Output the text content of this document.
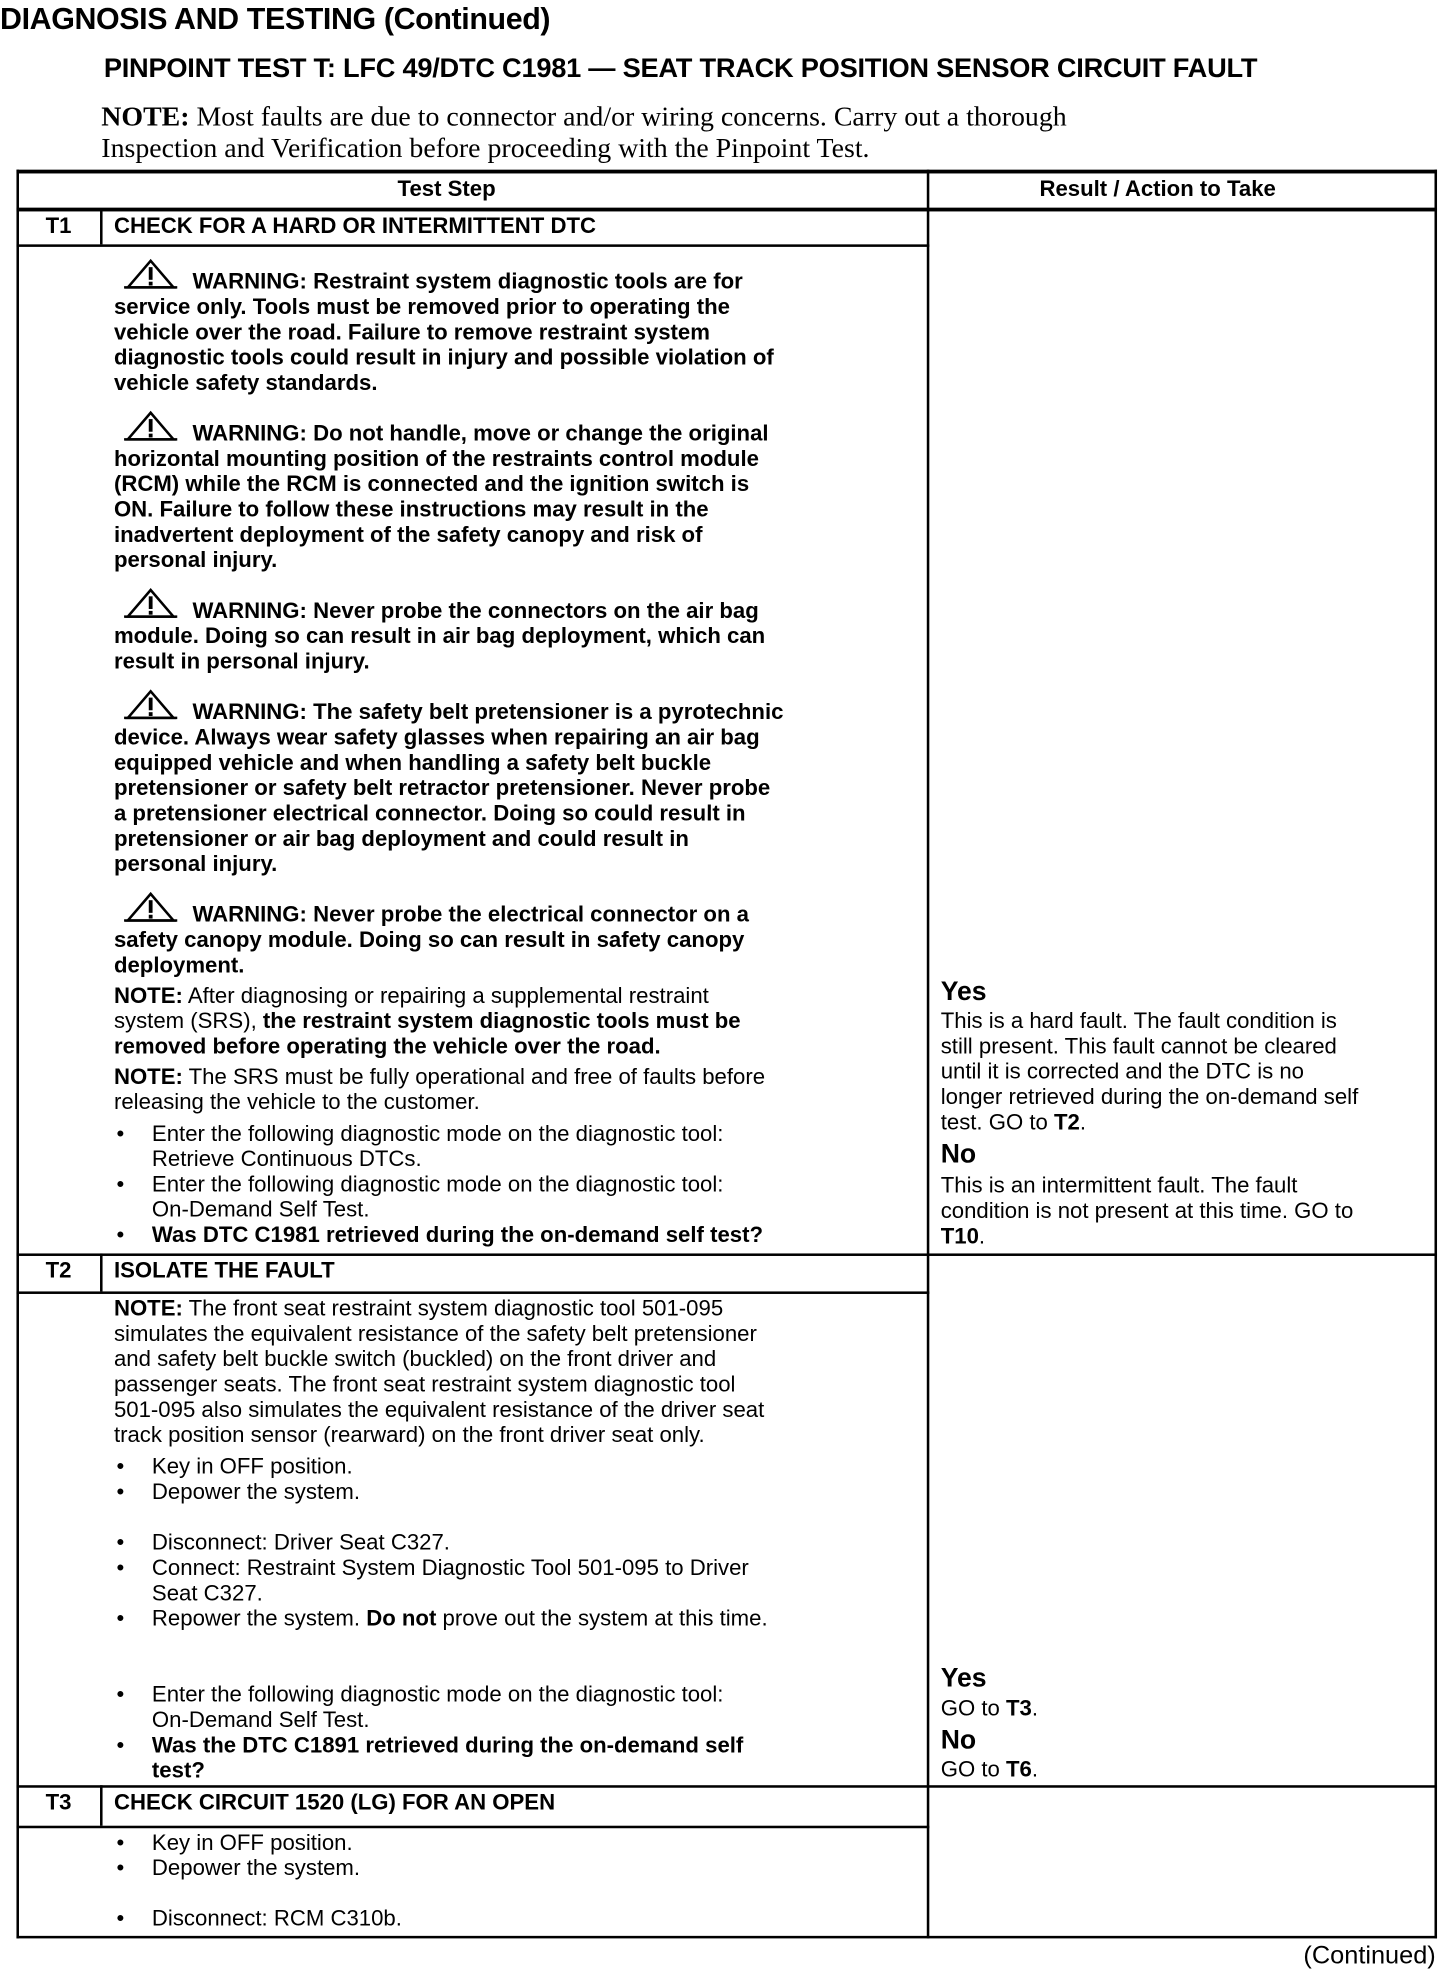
DIAGNOSIS AND TESTING (Continued)
PINPOINT TEST T: LFC 49/DTC C1981 — SEAT TRACK POSITION SENSOR CIRCUIT FAULT
NOTE: Most faults are due to connector and/or wiring concerns. Carry out a thorough
Inspection and Verification before proceeding with the Pinpoint Test.
Test Step	Result / Action to Take
T1 CHECK FOR A HARD OR INTERMITTENT DTC
WARNING: Restraint system diagnostic tools are for
service only. Tools must be removed prior to operating the
vehicle over the road. Failure to remove restraint system
diagnostic tools could result in injury and possible violation of
vehicle safety standards.
WARNING: Do not handle, move or change the original
horizontal mounting position of the restraints control module
(RCM) while the RCM is connected and the ignition switch is
ON. Failure to follow these instructions may result in the
inadvertent deployment of the safety canopy and risk of
personal injury.
WARNING: Never probe the connectors on the air bag
module. Doing so can result in air bag deployment, which can
result in personal injury.
WARNING: The safety belt pretensioner is a pyrotechnic
device. Always wear safety glasses when repairing an air bag
equipped vehicle and when handling a safety belt buckle
pretensioner or safety belt retractor pretensioner. Never probe
a pretensioner electrical connector. Doing so could result in
pretensioner or air bag deployment and could result in
personal injury.
WARNING: Never probe the electrical connector on a
safety canopy module. Doing so can result in safety canopy
deployment.
NOTE: After diagnosing or repairing a supplemental restraint
system (SRS), the restraint system diagnostic tools must be
removed before operating the vehicle over the road.
NOTE: The SRS must be fully operational and free of faults before
releasing the vehicle to the customer.
• Enter the following diagnostic mode on the diagnostic tool:
Retrieve Continuous DTCs.
• Enter the following diagnostic mode on the diagnostic tool:
On-Demand Self Test.
• Was DTC C1981 retrieved during the on-demand self test?
Yes
This is a hard fault. The fault condition is
still present. This fault cannot be cleared
until it is corrected and the DTC is no
longer retrieved during the on-demand self
test. GO to T2.
No
This is an intermittent fault. The fault
condition is not present at this time. GO to
T10.
T2 ISOLATE THE FAULT
NOTE: The front seat restraint system diagnostic tool 501-095
simulates the equivalent resistance of the safety belt pretensioner
and safety belt buckle switch (buckled) on the front driver and
passenger seats. The front seat restraint system diagnostic tool
501-095 also simulates the equivalent resistance of the driver seat
track position sensor (rearward) on the front driver seat only.
• Key in OFF position.
• Depower the system.
• Disconnect: Driver Seat C327.
• Connect: Restraint System Diagnostic Tool 501-095 to Driver
Seat C327.
• Repower the system. Do not prove out the system at this time.
• Enter the following diagnostic mode on the diagnostic tool:
On-Demand Self Test.
• Was the DTC C1891 retrieved during the on-demand self
test?
Yes
GO to T3.
No
GO to T6.
T3 CHECK CIRCUIT 1520 (LG) FOR AN OPEN
• Key in OFF position.
• Depower the system.
• Disconnect: RCM C310b.
(Continued)
